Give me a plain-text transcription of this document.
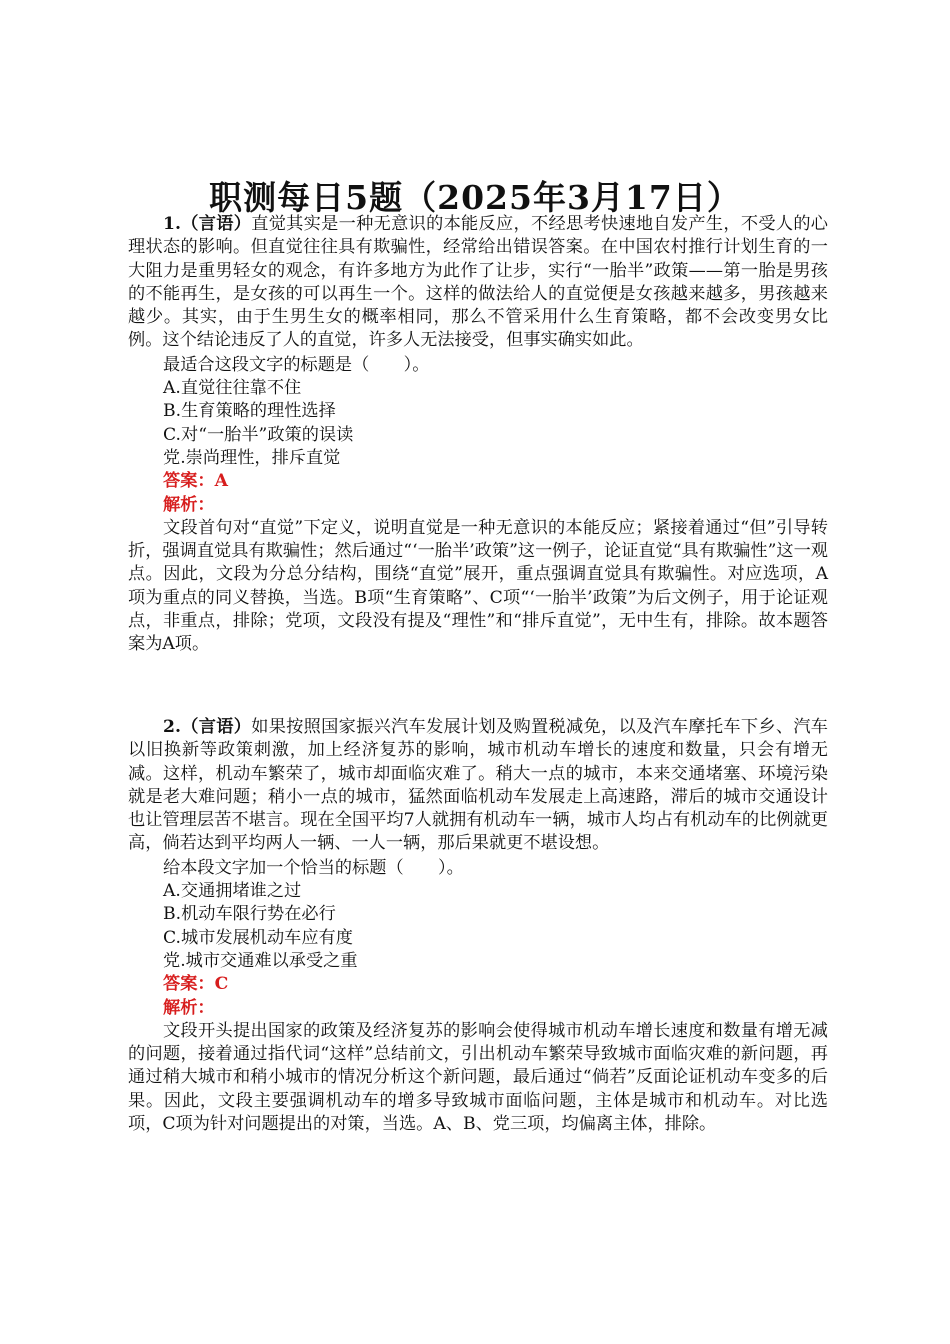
职测每日5题（2025年3月17日）

1.（言语）直觉其实是一种无意识的本能反应，不经思考快速地自发产生，不受人的心理状态的影响。但直觉往往具有欺骗性，经常给出错误答案。在中国农村推行计划生育的一大阻力是重男轻女的观念，有许多地方为此作了让步，实行“一胎半”政策——第一胎是男孩的不能再生，是女孩的可以再生一个。这样的做法给人的直觉便是女孩越来越多，男孩越来越少。其实，由于生男生女的概率相同，那么不管采用什么生育策略，都不会改变男女比例。这个结论违反了人的直觉，许多人无法接受，但事实确实如此。

最适合这段文字的标题是（　　）。

A.直觉往往靠不住

B.生育策略的理性选择

C.对“一胎半”政策的误读

党.崇尚理性，排斥直觉

答案：A

解析：

文段首句对“直觉”下定义，说明直觉是一种无意识的本能反应；紧接着通过“但”引导转折，强调直觉具有欺骗性；然后通过“‘一胎半’政策”这一例子，论证直觉“具有欺骗性”这一观点。因此，文段为分总分结构，围绕“直觉”展开，重点强调直觉具有欺骗性。对应选项，A项为重点的同义替换，当选。B项“生育策略”、C项“‘一胎半’政策”为后文例子，用于论证观点，非重点，排除；党项，文段没有提及“理性”和“排斥直觉”，无中生有，排除。故本题答案为A项。

2.（言语）如果按照国家振兴汽车发展计划及购置税减免，以及汽车摩托车下乡、汽车以旧换新等政策刺激，加上经济复苏的影响，城市机动车增长的速度和数量，只会有增无减。这样，机动车繁荣了，城市却面临灾难了。稍大一点的城市，本来交通堵塞、环境污染就是老大难问题；稍小一点的城市，猛然面临机动车发展走上高速路，滞后的城市交通设计也让管理层苦不堪言。现在全国平均7人就拥有机动车一辆，城市人均占有机动车的比例就更高，倘若达到平均两人一辆、一人一辆，那后果就更不堪设想。

给本段文字加一个恰当的标题（　　）。

A.交通拥堵谁之过

B.机动车限行势在必行

C.城市发展机动车应有度

党.城市交通难以承受之重

答案：C

解析：

文段开头提出国家的政策及经济复苏的影响会使得城市机动车增长速度和数量有增无减的问题，接着通过指代词“这样”总结前文，引出机动车繁荣导致城市面临灾难的新问题，再通过稍大城市和稍小城市的情况分析这个新问题，最后通过“倘若”反面论证机动车变多的后果。因此，文段主要强调机动车的增多导致城市面临问题，主体是城市和机动车。对比选项，C项为针对问题提出的对策，当选。A、B、党三项，均偏离主体，排除。
